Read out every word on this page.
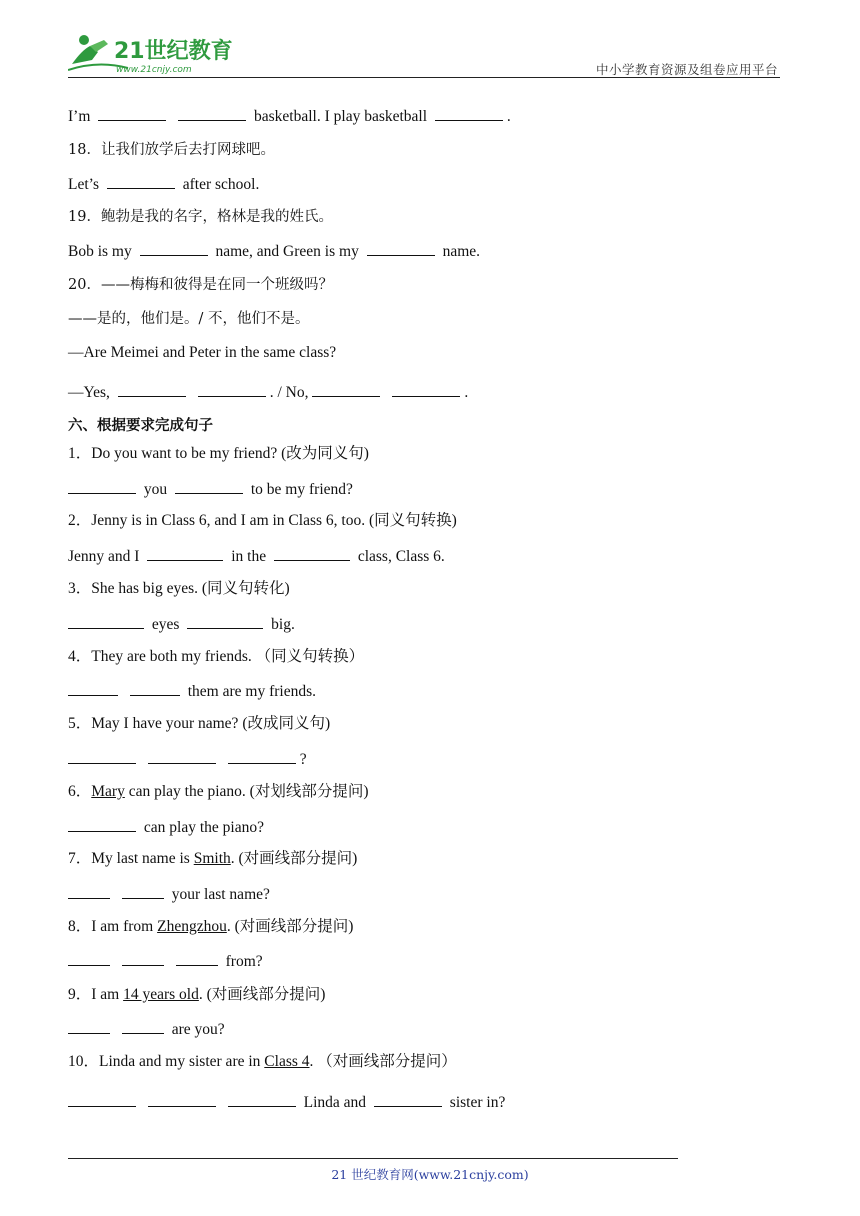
21世纪教育
www.21cnjy.com	中小学教育资源及组卷应用平台
I’m	basketball. I play basketball	.
18．让我们放学后去打网球吧。
Let’s	after school.
19．鲍勃是我的名字，格林是我的姓氏。
Bob is my	name, and Green is my	name.
20．——梅梅和彼得是在同一个班级吗？
——是的，他们是。/ 不，他们不是。
—Are Meimei and Peter in the same class?
—Yes,	. / No,	.
六、根据要求完成句子
1．Do you want to be my friend? (改为同义句)
you	to be my friend?
2．Jenny is in Class 6, and I am in Class 6, too. (同义句转换)
Jenny and I	in the	class, Class 6.
3．She has big eyes. (同义句转化)
eyes	big.
4．They are both my friends. （同义句转换）
them are my friends.
5．May I have your name? (改成同义句)
?
6．Mary can play the piano. (对划线部分提问)
can play the piano?
7．My last name is Smith. (对画线部分提问)
your last name?
8．I am from Zhengzhou. (对画线部分提问)
from?
9．I am 14 years old. (对画线部分提问)
are you?
10．Linda and my sister are in Class 4. （对画线部分提问）
Linda and	sister in?
21 世纪教育网(www.21cnjy.com)
